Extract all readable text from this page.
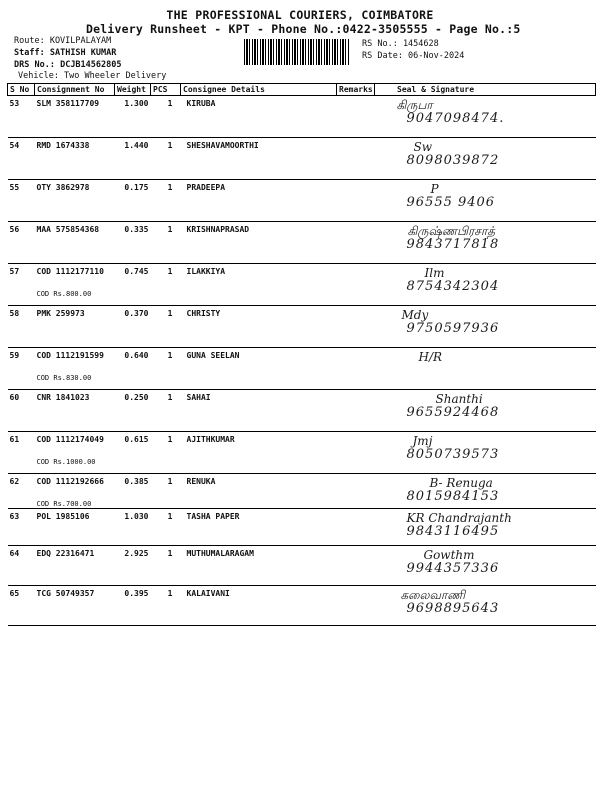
THE PROFESSIONAL COURIERS, COIMBATORE
Delivery Runsheet - KPT - Phone No.:0422-3505555 - Page No.:5
Route: KOVILPALAYAM
Staff: SATHISH KUMAR
DRS No.: DCJB14562805
Vehicle: Two Wheeler Delivery
RS No.: 1454628
RS Date: 06-Nov-2024
S No	Consignment No	Weight	PCS	Consignee Details	Remarks	Seal & Signature
53	SLM 358117709	1.300	1	KIRUBA		கிருபா
9047098474.

54	RMD 1674338	1.440	1	SHESHAVAMOORTHI		Sw
8098039872

55	OTY 3862978	0.175	1	PRADEEPA		P
96555 9406

56	MAA 575854368	0.335	1	KRISHNAPRASAD		கிருஷ்ணபிரசாத்
9843717818

57	COD 1112177110
COD Rs.800.00	0.745	1	ILAKKIYA		Ilm
8754342304

58	PMK 259973	0.370	1	CHRISTY		Mdy
9750597936

59	COD 1112191599
COD Rs.830.00	0.640	1	GUNA SEELAN		H/R

60	CNR 1841023	0.250	1	SAHAI		Shanthi
9655924468

61	COD 1112174049
COD Rs.1000.00	0.615	1	AJITHKUMAR		Jmj
8050739573

62	COD 1112192666
COD Rs.700.00	0.385	1	RENUKA		B- Renuga
8015984153

63	POL 1985106	1.030	1	TASHA PAPER		KR Chandrajanth
9843116495

64	EDQ 22316471	2.925	1	MUTHUMALARAGAM		Gowthm
9944357336

65	TCG 50749357	0.395	1	KALAIVANI		கலைவாணி
9698895643
